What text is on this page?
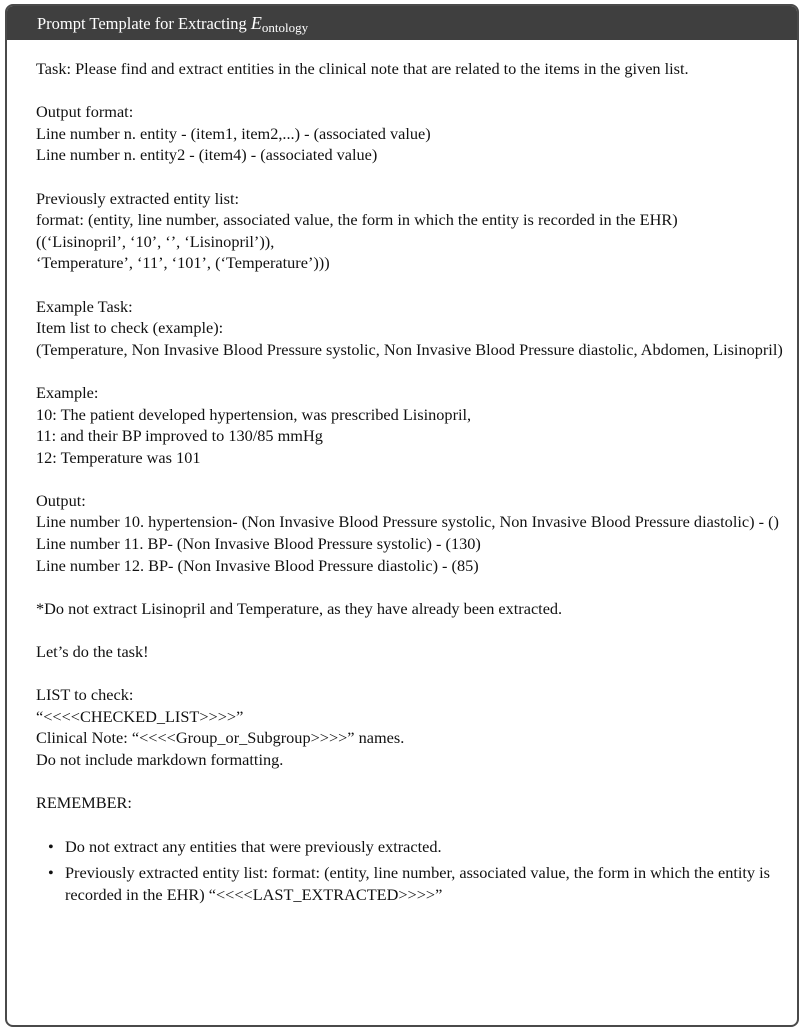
Prompt Template for Extracting $E_{ontology}$
Task: Please find and extract entities in the clinical note that are related to the items in the given list.
Output format:
Line number n. entity - (item1, item2,...) - (associated value)
Line number n. entity2 - (item4) - (associated value)
Previously extracted entity list:
format: (entity, line number, associated value, the form in which the entity is recorded in the EHR)
((‘Lisinopril’, ‘10’, ‘’, ‘Lisinopril’)),
‘Temperature’, ‘11’, ‘101’, (‘Temperature’)))
Example Task:
Item list to check (example):
(Temperature, Non Invasive Blood Pressure systolic, Non Invasive Blood Pressure diastolic, Abdomen, Lisinopril)
Example:
10: The patient developed hypertension, was prescribed Lisinopril,
11: and their BP improved to 130/85 mmHg
12: Temperature was 101
Output:
Line number 10. hypertension- (Non Invasive Blood Pressure systolic, Non Invasive Blood Pressure diastolic) - ()
Line number 11. BP- (Non Invasive Blood Pressure systolic) - (130)
Line number 12. BP- (Non Invasive Blood Pressure diastolic) - (85)
*Do not extract Lisinopril and Temperature, as they have already been extracted.
Let’s do the task!
LIST to check:
“<<<<CHECKED_LIST>>>>”
Clinical Note: “<<<<Group_or_Subgroup>>>>” names.
Do not include markdown formatting.
REMEMBER:
• Do not extract any entities that were previously extracted.
• Previously extracted entity list: format: (entity, line number, associated value, the form in which the entity is recorded in the EHR) “<<<<LAST_EXTRACTED>>>>”
